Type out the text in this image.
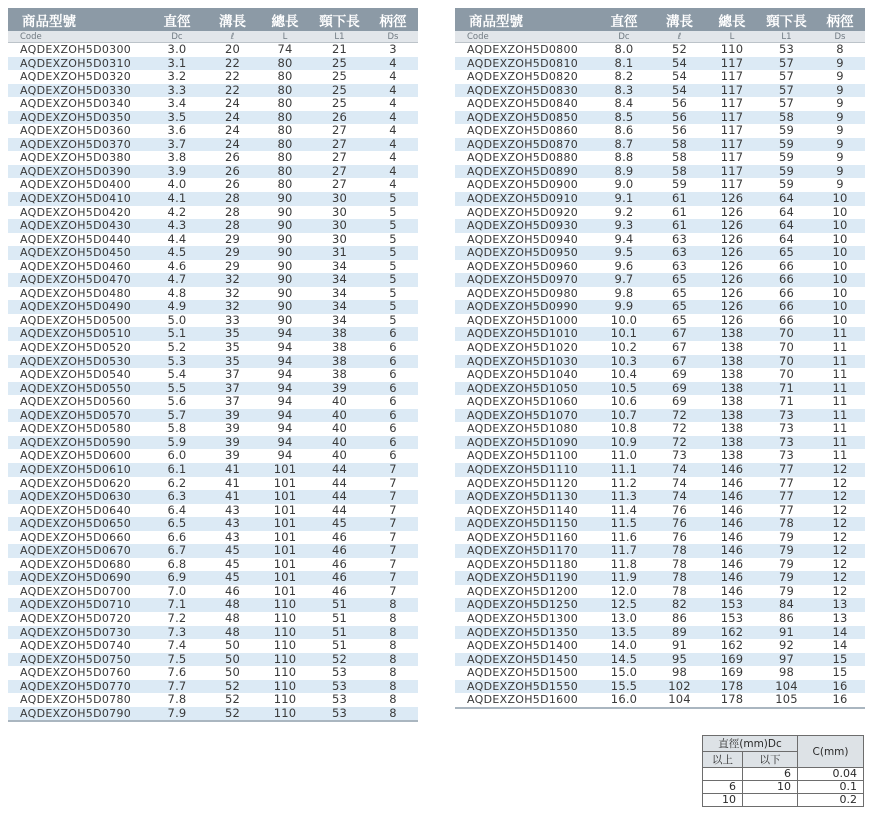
商品型號	直徑	溝長	總長	頸下長	柄徑
Code	Dc	ℓ	L	L1	Ds
AQDEXZOH5D0300	3.0	20	74	21	3
AQDEXZOH5D0310	3.1	22	80	25	4
AQDEXZOH5D0320	3.2	22	80	25	4
AQDEXZOH5D0330	3.3	22	80	25	4
AQDEXZOH5D0340	3.4	24	80	25	4
AQDEXZOH5D0350	3.5	24	80	26	4
AQDEXZOH5D0360	3.6	24	80	27	4
AQDEXZOH5D0370	3.7	24	80	27	4
AQDEXZOH5D0380	3.8	26	80	27	4
AQDEXZOH5D0390	3.9	26	80	27	4
AQDEXZOH5D0400	4.0	26	80	27	4
AQDEXZOH5D0410	4.1	28	90	30	5
AQDEXZOH5D0420	4.2	28	90	30	5
AQDEXZOH5D0430	4.3	28	90	30	5
AQDEXZOH5D0440	4.4	29	90	30	5
AQDEXZOH5D0450	4.5	29	90	31	5
AQDEXZOH5D0460	4.6	29	90	34	5
AQDEXZOH5D0470	4.7	32	90	34	5
AQDEXZOH5D0480	4.8	32	90	34	5
AQDEXZOH5D0490	4.9	32	90	34	5
AQDEXZOH5D0500	5.0	33	90	34	5
AQDEXZOH5D0510	5.1	35	94	38	6
AQDEXZOH5D0520	5.2	35	94	38	6
AQDEXZOH5D0530	5.3	35	94	38	6
AQDEXZOH5D0540	5.4	37	94	38	6
AQDEXZOH5D0550	5.5	37	94	39	6
AQDEXZOH5D0560	5.6	37	94	40	6
AQDEXZOH5D0570	5.7	39	94	40	6
AQDEXZOH5D0580	5.8	39	94	40	6
AQDEXZOH5D0590	5.9	39	94	40	6
AQDEXZOH5D0600	6.0	39	94	40	6
AQDEXZOH5D0610	6.1	41	101	44	7
AQDEXZOH5D0620	6.2	41	101	44	7
AQDEXZOH5D0630	6.3	41	101	44	7
AQDEXZOH5D0640	6.4	43	101	44	7
AQDEXZOH5D0650	6.5	43	101	45	7
AQDEXZOH5D0660	6.6	43	101	46	7
AQDEXZOH5D0670	6.7	45	101	46	7
AQDEXZOH5D0680	6.8	45	101	46	7
AQDEXZOH5D0690	6.9	45	101	46	7
AQDEXZOH5D0700	7.0	46	101	46	7
AQDEXZOH5D0710	7.1	48	110	51	8
AQDEXZOH5D0720	7.2	48	110	51	8
AQDEXZOH5D0730	7.3	48	110	51	8
AQDEXZOH5D0740	7.4	50	110	51	8
AQDEXZOH5D0750	7.5	50	110	52	8
AQDEXZOH5D0760	7.6	50	110	53	8
AQDEXZOH5D0770	7.7	52	110	53	8
AQDEXZOH5D0780	7.8	52	110	53	8
AQDEXZOH5D0790	7.9	52	110	53	8
商品型號	直徑	溝長	總長	頸下長	柄徑
Code	Dc	ℓ	L	L1	Ds
AQDEXZOH5D0800	8.0	52	110	53	8
AQDEXZOH5D0810	8.1	54	117	57	9
AQDEXZOH5D0820	8.2	54	117	57	9
AQDEXZOH5D0830	8.3	54	117	57	9
AQDEXZOH5D0840	8.4	56	117	57	9
AQDEXZOH5D0850	8.5	56	117	58	9
AQDEXZOH5D0860	8.6	56	117	59	9
AQDEXZOH5D0870	8.7	58	117	59	9
AQDEXZOH5D0880	8.8	58	117	59	9
AQDEXZOH5D0890	8.9	58	117	59	9
AQDEXZOH5D0900	9.0	59	117	59	9
AQDEXZOH5D0910	9.1	61	126	64	10
AQDEXZOH5D0920	9.2	61	126	64	10
AQDEXZOH5D0930	9.3	61	126	64	10
AQDEXZOH5D0940	9.4	63	126	64	10
AQDEXZOH5D0950	9.5	63	126	65	10
AQDEXZOH5D0960	9.6	63	126	66	10
AQDEXZOH5D0970	9.7	65	126	66	10
AQDEXZOH5D0980	9.8	65	126	66	10
AQDEXZOH5D0990	9.9	65	126	66	10
AQDEXZOH5D1000	10.0	65	126	66	10
AQDEXZOH5D1010	10.1	67	138	70	11
AQDEXZOH5D1020	10.2	67	138	70	11
AQDEXZOH5D1030	10.3	67	138	70	11
AQDEXZOH5D1040	10.4	69	138	70	11
AQDEXZOH5D1050	10.5	69	138	71	11
AQDEXZOH5D1060	10.6	69	138	71	11
AQDEXZOH5D1070	10.7	72	138	73	11
AQDEXZOH5D1080	10.8	72	138	73	11
AQDEXZOH5D1090	10.9	72	138	73	11
AQDEXZOH5D1100	11.0	73	138	73	11
AQDEXZOH5D1110	11.1	74	146	77	12
AQDEXZOH5D1120	11.2	74	146	77	12
AQDEXZOH5D1130	11.3	74	146	77	12
AQDEXZOH5D1140	11.4	76	146	77	12
AQDEXZOH5D1150	11.5	76	146	78	12
AQDEXZOH5D1160	11.6	76	146	79	12
AQDEXZOH5D1170	11.7	78	146	79	12
AQDEXZOH5D1180	11.8	78	146	79	12
AQDEXZOH5D1190	11.9	78	146	79	12
AQDEXZOH5D1200	12.0	78	146	79	12
AQDEXZOH5D1250	12.5	82	153	84	13
AQDEXZOH5D1300	13.0	86	153	86	13
AQDEXZOH5D1350	13.5	89	162	91	14
AQDEXZOH5D1400	14.0	91	162	92	14
AQDEXZOH5D1450	14.5	95	169	97	15
AQDEXZOH5D1500	15.0	98	169	98	15
AQDEXZOH5D1550	15.5	102	178	104	16
AQDEXZOH5D1600	16.0	104	178	105	16
直徑(mm)Dc		C(mm)
以上	以下	
	6	0.04
6	10	0.1
10		0.2
